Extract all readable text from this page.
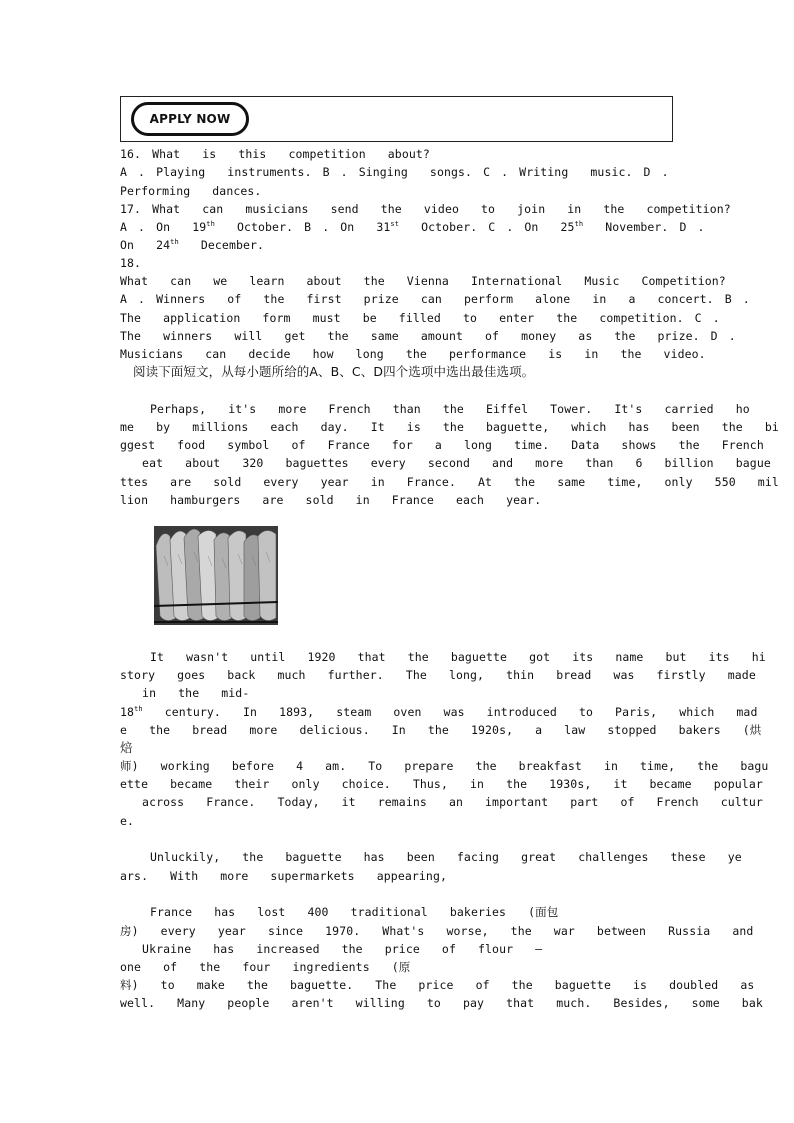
APPLY NOW
16. What  is  this  competition  about?
A . Playing  instruments. B . Singing  songs. C . Writing  music. D .
Performing  dances.
17. What  can  musicians  send  the  video  to  join  in  the  competition?
A . On  19th  October. B . On  31st  October. C . On  25th  November. D .
On  24th  December.
18.
What  can  we  learn  about  the  Vienna  International  Music  Competition?
A . Winners  of  the  first  prize  can  perform  alone  in  a  concert. B .
The  application  form  must  be  filled  to  enter  the  competition. C .
The  winners  will  get  the  same  amount  of  money  as  the  prize. D .
Musicians  can  decide  how  long  the  performance  is  in  the  video.
阅读下面短文，从每小题所给的A、B、C、D四个选项中选出最佳选项。
Perhaps,  it's  more  French  than  the  Eiffel  Tower.  It's  carried  ho
me  by  millions  each  day.  It  is  the  baguette,  which  has  been  the  bi
ggest  food  symbol  of  France  for  a  long  time.  Data  shows  the  French
eat  about  320  baguettes  every  second  and  more  than  6  billion  bague
ttes  are  sold  every  year  in  France.  At  the  same  time,  only  550  mil
lion  hamburgers  are  sold  in  France  each  year.
It  wasn't  until  1920  that  the  baguette  got  its  name  but  its  hi
story  goes  back  much  further.  The  long,  thin  bread  was  firstly  made
in  the  mid-
18th  century.  In  1893,  steam  oven  was  introduced  to  Paris,  which  mad
e  the  bread  more  delicious.  In  the  1920s,  a  law  stopped  bakers  (烘
焙
师)  working  before  4  am.  To  prepare  the  breakfast  in  time,  the  bagu
ette  became  their  only  choice.  Thus,  in  the  1930s,  it  became  popular
across  France.  Today,  it  remains  an  important  part  of  French  cultur
e.
Unluckily,  the  baguette  has  been  facing  great  challenges  these  ye
ars.  With  more  supermarkets  appearing,
France  has  lost  400  traditional  bakeries  (面包
房)  every  year  since  1970.  What's  worse,  the  war  between  Russia  and
Ukraine  has  increased  the  price  of  flour  —
one  of  the  four  ingredients  (原
料)  to  make  the  baguette.  The  price  of  the  baguette  is  doubled  as
well.  Many  people  aren't  willing  to  pay  that  much.  Besides,  some  bak
